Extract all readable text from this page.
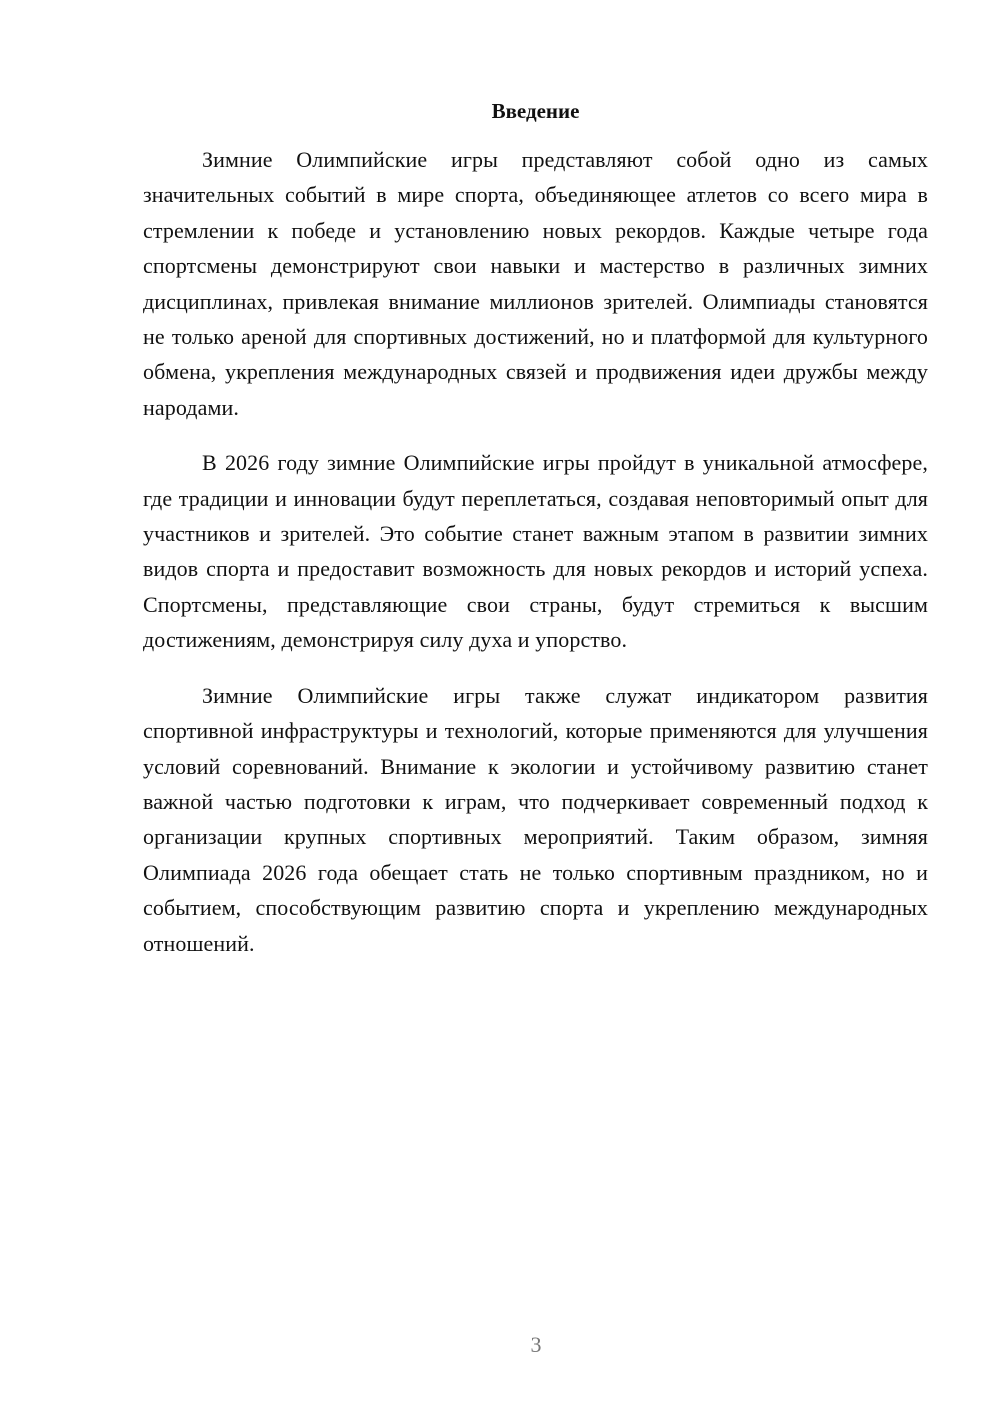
Введение

Зимние Олимпийские игры представляют собой одно из самых значительных событий в мире спорта, объединяющее атлетов со всего мира в стремлении к победе и установлению новых рекордов. Каждые четыре года спортсмены демонстрируют свои навыки и мастерство в различных зимних дисциплинах, привлекая внимание миллионов зрителей. Олимпиады становятся не только ареной для спортивных достижений, но и платформой для культурного обмена, укрепления международных связей и продвижения идеи дружбы между народами.

В 2026 году зимние Олимпийские игры пройдут в уникальной атмосфере, где традиции и инновации будут переплетаться, создавая неповторимый опыт для участников и зрителей. Это событие станет важным этапом в развитии зимних видов спорта и предоставит возможность для новых рекордов и историй успеха. Спортсмены, представляющие свои страны, будут стремиться к высшим достижениям, демонстрируя силу духа и упорство.

Зимние Олимпийские игры также служат индикатором развития спортивной инфраструктуры и технологий, которые применяются для улучшения условий соревнований. Внимание к экологии и устойчивому развитию станет важной частью подготовки к играм, что подчеркивает современный подход к организации крупных спортивных мероприятий. Таким образом, зимняя Олимпиада 2026 года обещает стать не только спортивным праздником, но и событием, способствующим развитию спорта и укреплению международных отношений.

3
